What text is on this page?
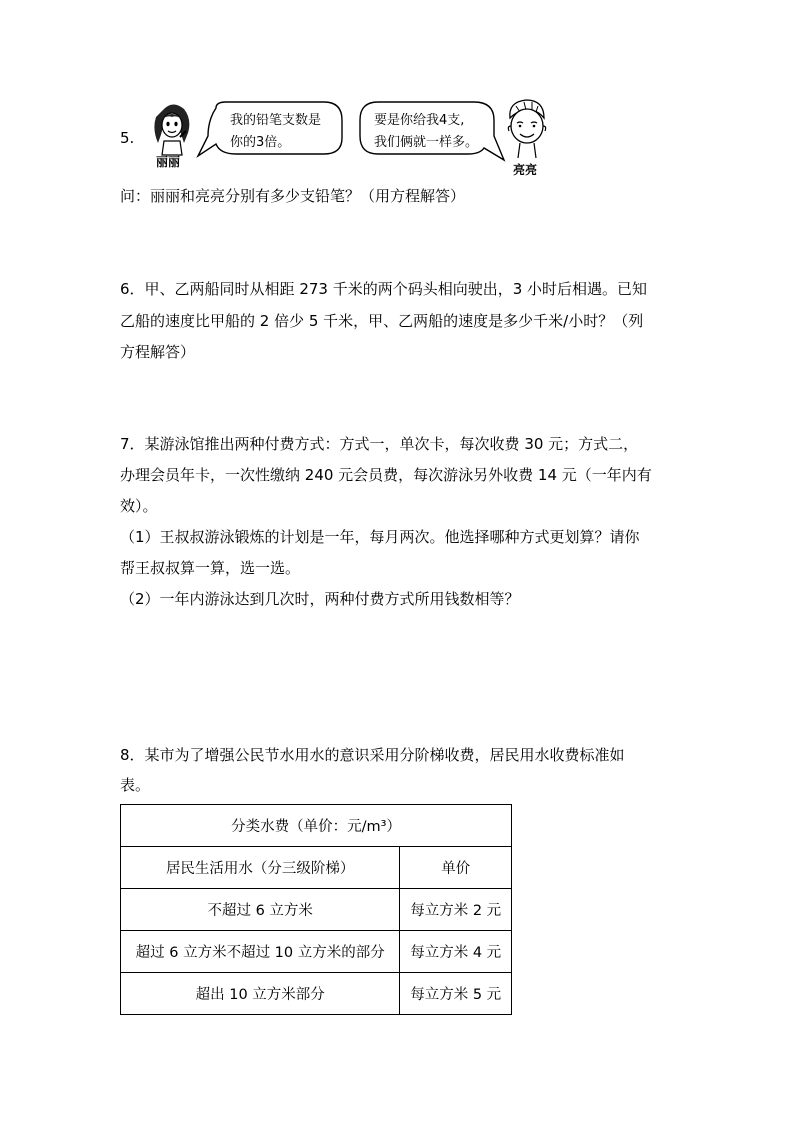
5.
丽丽
我的铅笔支数是
你的3倍。
要是你给我4支,
我们俩就一样多。
亮亮
问：丽丽和亮亮分别有多少支铅笔？（用方程解答）
6．甲、乙两船同时从相距 273 千米的两个码头相向驶出，3 小时后相遇。已知
乙船的速度比甲船的 2 倍少 5 千米，甲、乙两船的速度是多少千米/小时？（列
方程解答）
7．某游泳馆推出两种付费方式：方式一，单次卡，每次收费 30 元；方式二，
办理会员年卡，一次性缴纳 240 元会员费，每次游泳另外收费 14 元（一年内有
效）。
（1）王叔叔游泳锻炼的计划是一年，每月两次。他选择哪种方式更划算？请你
帮王叔叔算一算，选一选。
（2）一年内游泳达到几次时，两种付费方式所用钱数相等？
8．某市为了增强公民节水用水的意识采用分阶梯收费，居民用水收费标准如
表。
分类水费（单价：元/m³）	
居民生活用水（分三级阶梯）	单价
不超过 6 立方米	每立方米 2 元
超过 6 立方米不超过 10 立方米的部分	每立方米 4 元
超出 10 立方米部分	每立方米 5 元
